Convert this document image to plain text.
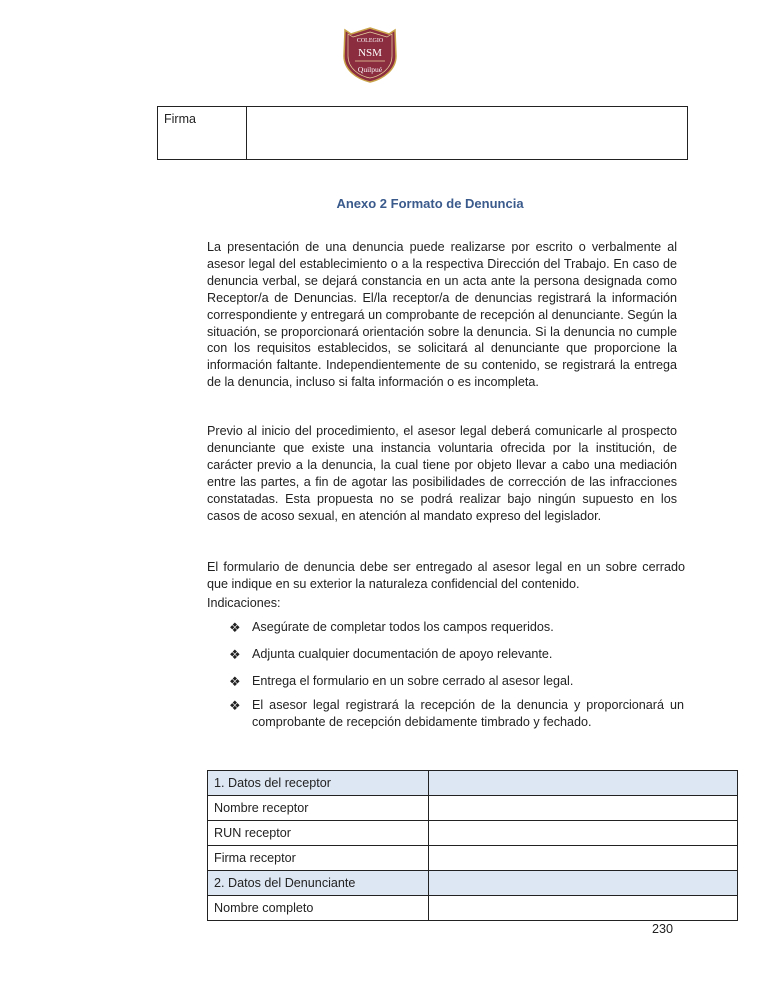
COLEGIO
NSM
Quilpué
Firma	
Anexo 2 Formato de Denuncia

La presentación de una denuncia puede realizarse por escrito o verbalmente al asesor legal del establecimiento o a la respectiva Dirección del Trabajo. En caso de denuncia verbal, se dejará constancia en un acta ante la persona designada como Receptor/a de Denuncias. El/la receptor/a de denuncias registrará la información correspondiente y entregará un comprobante de recepción al denunciante. Según la situación, se proporcionará orientación sobre la denuncia. Si la denuncia no cumple con los requisitos establecidos, se solicitará al denunciante que proporcione la información faltante. Independientemente de su contenido, se registrará la entrega de la denuncia, incluso si falta información o es incompleta.

Previo al inicio del procedimiento, el asesor legal deberá comunicarle al prospecto denunciante que existe una instancia voluntaria ofrecida por la institución, de carácter previo a la denuncia, la cual tiene por objeto llevar a cabo una mediación entre las partes, a fin de agotar las posibilidades de corrección de las infracciones constatadas. Esta propuesta no se podrá realizar bajo ningún supuesto en los casos de acoso sexual, en atención al mandato expreso del legislador.

El formulario de denuncia debe ser entregado al asesor legal en un sobre cerrado que indique en su exterior la naturaleza confidencial del contenido.

Indicaciones:
❖ Asegúrate de completar todos los campos requeridos.
❖ Adjunta cualquier documentación de apoyo relevante.
❖ Entrega el formulario en un sobre cerrado al asesor legal.
❖ El asesor legal registrará la recepción de la denuncia y proporcionará un comprobante de recepción debidamente timbrado y fechado.
1. Datos del receptor	
Nombre receptor	
RUN receptor	
Firma receptor	
2. Datos del Denunciante	
Nombre completo	
230
